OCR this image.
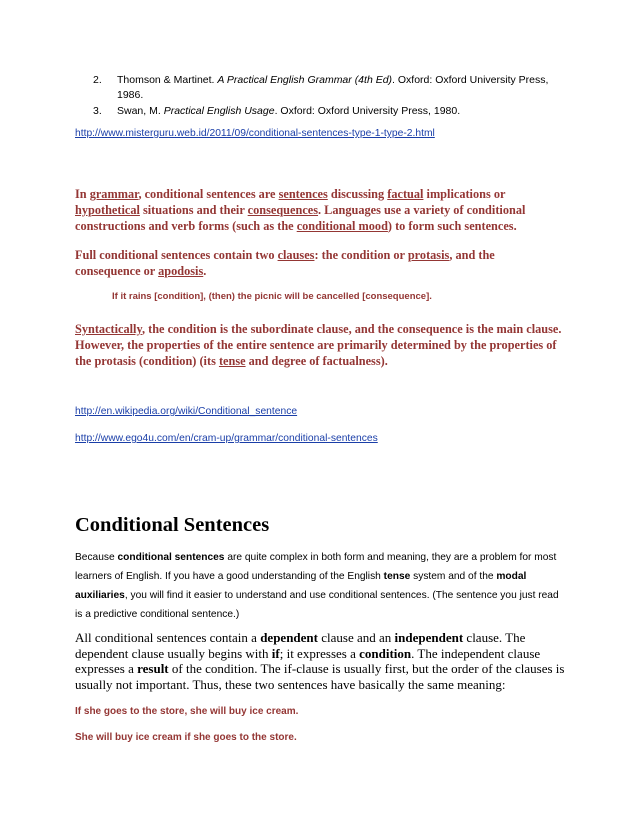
2.	Thomson & Martinet. A Practical English Grammar (4th Ed). Oxford: Oxford University Press,
1986.
3.	Swan, M. Practical English Usage. Oxford: Oxford University Press, 1980.
http://www.misterguru.web.id/2011/09/conditional-sentences-type-1-type-2.html
In grammar, conditional sentences are sentences discussing factual implications or
hypothetical situations and their consequences. Languages use a variety of conditional constructions and verb forms (such as the conditional mood) to form such sentences.
Full conditional sentences contain two clauses: the condition or protasis, and the consequence or apodosis.
If it rains [condition], (then) the picnic will be cancelled [consequence].
Syntactically, the condition is the subordinate clause, and the consequence is the main clause. However, the properties of the entire sentence are primarily determined by the properties of the protasis (condition) (its tense and degree of factualness).
http://en.wikipedia.org/wiki/Conditional_sentence
http://www.ego4u.com/en/cram-up/grammar/conditional-sentences
Conditional Sentences
Because conditional sentences are quite complex in both form and meaning, they are a problem for most learners of English. If you have a good understanding of the English tense system and of the modal auxiliaries, you will find it easier to understand and use conditional sentences. (The sentence you just read is a predictive conditional sentence.)
All conditional sentences contain a dependent clause and an independent clause. The dependent clause usually begins with if; it expresses a condition. The independent clause expresses a result of the condition. The if-clause is usually first, but the order of the clauses is usually not important. Thus, these two sentences have basically the same meaning:
If she goes to the store, she will buy ice cream.
She will buy ice cream if she goes to the store.
